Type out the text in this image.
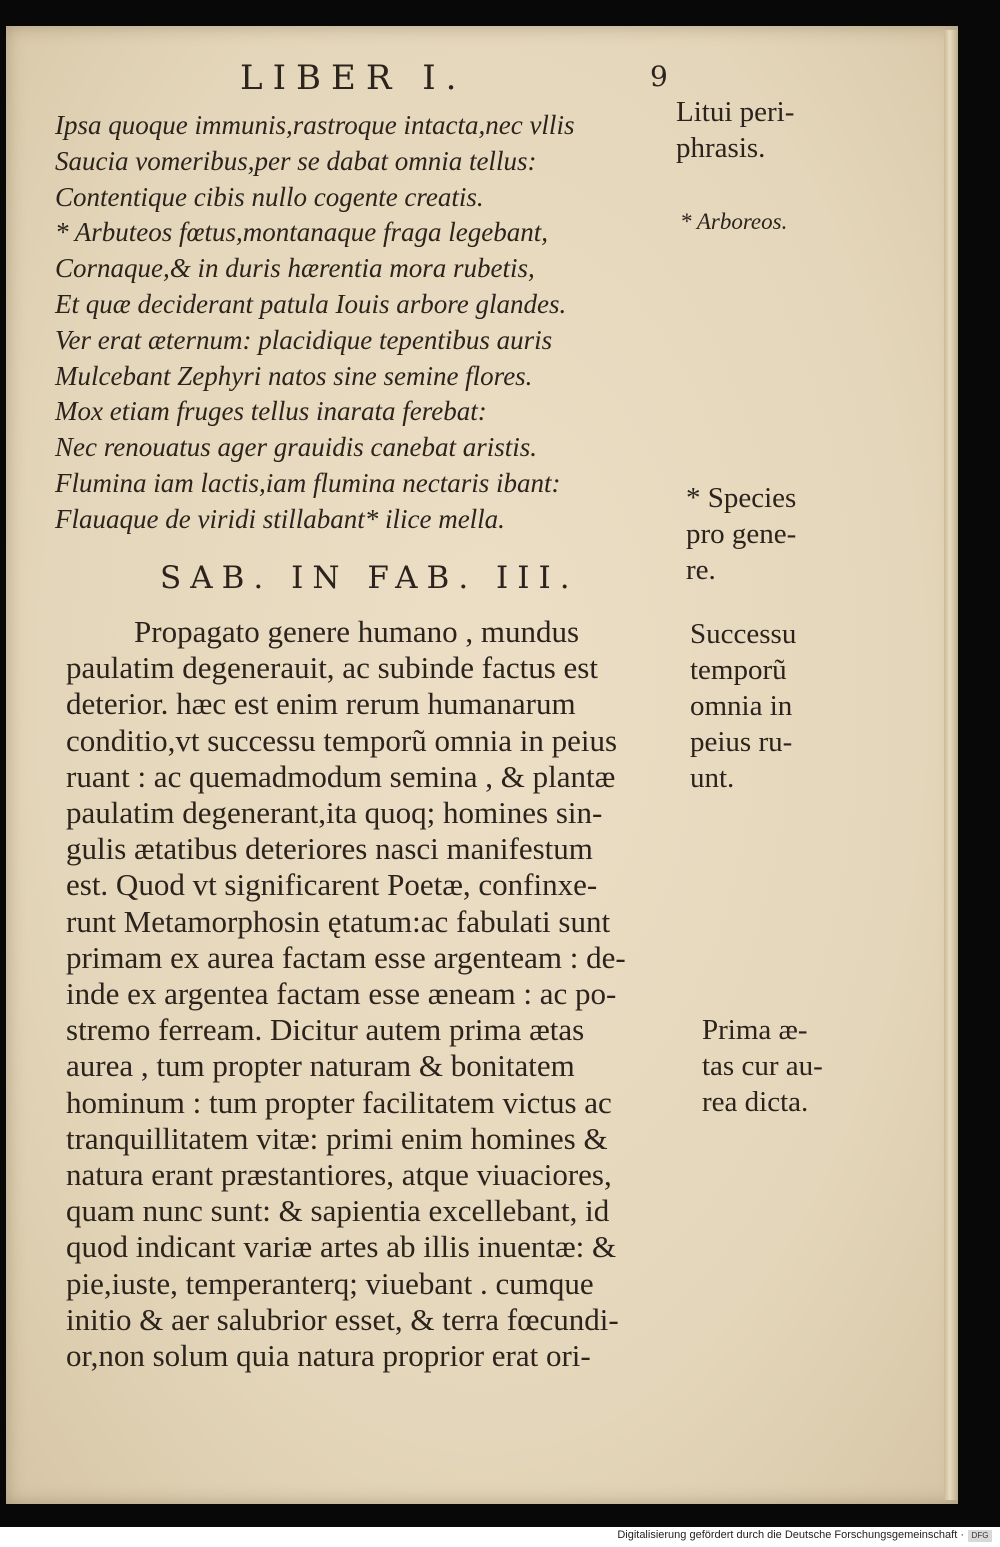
LIBER I.	9
Ipsa quoque immunis,rastroque intacta,nec vllis
Saucia vomeribus,per se dabat omnia tellus:
Contentique cibis nullo cogente creatis.
* Arbuteos fœtus,montanaque fraga legebant,
Cornaque,& in duris hærentia mora rubetis,
Et quæ deciderant patula Iouis arbore glandes.
Ver erat æternum: placidique tepentibus auris
Mulcebant Zephyri natos sine semine flores.
Mox etiam fruges tellus inarata ferebat:
Nec renouatus ager grauidis canebat aristis.
Flumina iam lactis,iam flumina nectaris ibant:
Flauaque de viridi stillabant* ilice mella.
SAB. IN FAB. III.
Propagato genere humano , mundus
paulatim degenerauit, ac subinde factus est
deterior. hæc est enim rerum humanarum
conditio,vt successu temporũ omnia in peius
ruant : ac quemadmodum semina , & plantæ
paulatim degenerant,ita quoq; homines sin-
gulis ætatibus deteriores nasci manifestum
est. Quod vt significarent Poetæ, confinxe-
runt Metamorphosin ętatum:ac fabulati sunt
primam ex aurea factam esse argenteam : de-
inde ex argentea factam esse æneam : ac po-
stremo ferream. Dicitur autem prima ætas
aurea , tum propter naturam & bonitatem
hominum : tum propter facilitatem victus ac
tranquillitatem vitæ: primi enim homines &
natura erant præstantiores, atque viuaciores,
quam nunc sunt: & sapientia excellebant, id
quod indicant variæ artes ab illis inuentæ: &
pie,iuste, temperanterq; viuebant . cumque
initio & aer salubrior esset, & terra fœcundi-
or,non solum quia natura proprior erat ori-
Litui peri-
phrasis.
* Arboreos.
* Species
pro gene-
re.
Successu
temporũ
omnia in
peius ru-
unt.
Prima æ-
tas cur au-
rea dicta.
Digitalisierung gefördert durch die Deutsche Forschungsgemeinschaft · DFG
